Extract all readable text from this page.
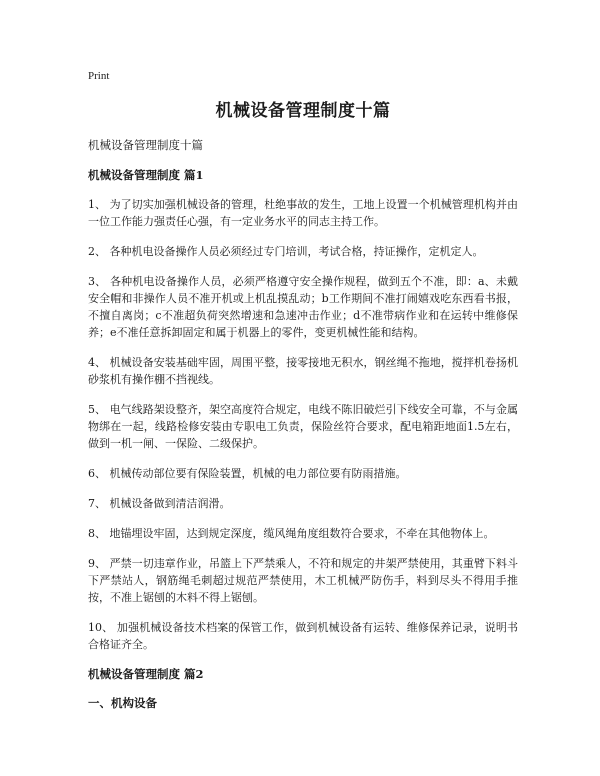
Print
机械设备管理制度十篇
机械设备管理制度十篇
机械设备管理制度 篇1

1、 为了切实加强机械设备的管理，杜绝事故的发生，工地上设置一个机械管理机构并由一位工作能力强责任心强，有一定业务水平的同志主持工作。

2、 各种机电设备操作人员必须经过专门培训，考试合格，持证操作，定机定人。

3、 各种机电设备操作人员，必须严格遵守安全操作规程，做到五个不准，即：a、未戴安全帽和非操作人员不准开机或上机乱摸乱动；b工作期间不准打闹嬉戏吃东西看书报，不擅自离岗；c不准超负荷突然增速和急速冲击作业；d不准带病作业和在运转中维修保养；e不准任意拆卸固定和属于机器上的零件，变更机械性能和结构。

4、 机械设备安装基础牢固，周围平整，接零接地无积水，钢丝绳不拖地，搅拌机卷扬机砂浆机有操作棚不挡视线。

5、 电气线路架设整齐，架空高度符合规定，电线不陈旧破烂引下线安全可靠，不与金属物绑在一起，线路检修安装由专职电工负责，保险丝符合要求，配电箱距地面1.5左右，做到一机一闸、一保险、二级保护。

6、 机械传动部位要有保险装置，机械的电力部位要有防雨措施。

7、 机械设备做到清洁润滑。

8、 地锚埋设牢固，达到规定深度，缆风绳角度组数符合要求，不牵在其他物体上。

9、 严禁一切违章作业，吊篮上下严禁乘人，不符和规定的井架严禁使用，其重臂下料斗下严禁站人，钢筋绳毛刺超过规范严禁使用，木工机械严防伤手，料到尽头不得用手推按，不准上锯刨的木料不得上锯刨。

10、 加强机械设备技术档案的保管工作，做到机械设备有运转、维修保养记录，说明书合格证齐全。

机械设备管理制度 篇2
一、机构设备
